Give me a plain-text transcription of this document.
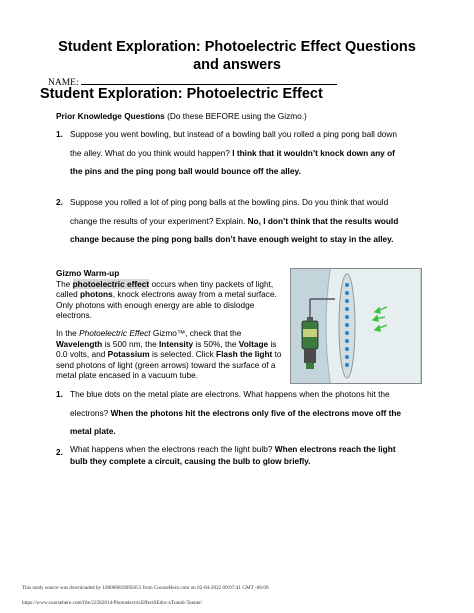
Student Exploration: Photoelectric Effect Questions
and answers
NAME:
Student Exploration: Photoelectric Effect
Prior Knowledge Questions (Do these BEFORE using the Gizmo.)
1. Suppose you went bowling, but instead of a bowling ball you rolled a ping pong ball down
the alley. What do you think would happen? I think that it wouldn’t knock down any of
the pins and the ping pong ball would bounce off the alley.
2. Suppose you rolled a lot of ping pong balls at the bowling pins. Do you think that would
change the results of your experiment? Explain. No, I don’t think that the results would
change because the ping pong balls don’t have enough weight to stay in the alley.
Gizmo Warm-up
The photoelectric effect occurs when tiny packets of light, called photons, knock electrons away from a metal surface. Only photons with enough energy are able to dislodge electrons.
In the Photoelectric Effect Gizmo™, check that the Wavelength is 500 nm, the Intensity is 50%, the Voltage is 0.0 volts, and Potassium is selected. Click Flash the light to send photons of light (green arrows) toward the surface of a metal plate encased in a vacuum tube.
1. The blue dots on the metal plate are electrons. What happens when the photons hit the
electrons? When the photons hit the electrons only five of the electrons move off the
metal plate.
2. What happens when the electrons reach the light bulb? When electrons reach the light
bulb they complete a circuit, causing the bulb to glow briefly.
This study source was downloaded by 100000839095651 from CourseHero.com on 02-04-2022 09:07:41 GMT -06:00
https://www.coursehero.com/file/22582814/PhotoelectricEffectSEdoc-sTraniti-Tanner/
